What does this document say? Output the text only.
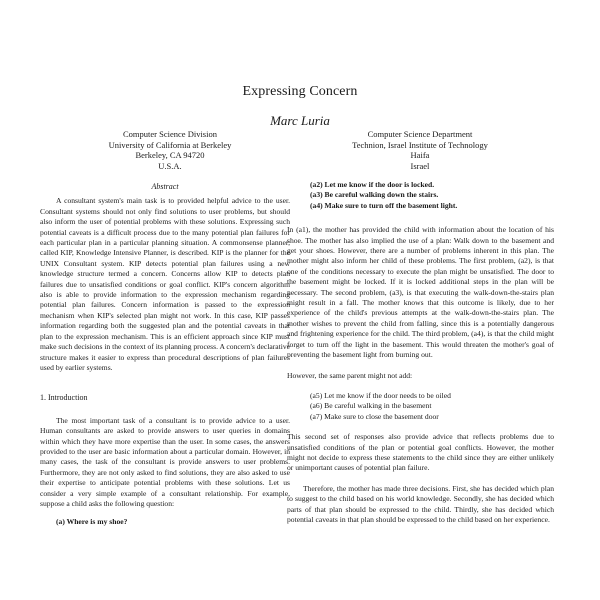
Expressing Concern
Marc Luria
Computer Science Division
University of California at Berkeley
Berkeley, CA 94720
U.S.A.
Computer Science Department
Technion, Israel Institute of Technology
Haifa
Israel
Abstract

A consultant system's main task is to provided helpful advice to the user. Consultant systems should not only find solutions to user problems, but should also inform the user of potential problems with these solutions. Expressing such potential caveats is a difficult process due to the many potential plan failures for each particular plan in a particular planning situation. A commonsense planner, called KIP, Knowledge Intensive Planner, is described. KIP is the planner for the UNIX Consultant system. KIP detects potential plan failures using a new knowledge structure termed a concern. Concerns allow KIP to detects plan failures due to unsatisfied conditions or goal conflict. KIP's concern algorithm also is able to provide information to the expression mechanism regarding potential plan failures. Concern information is passed to the expression mechanism when KIP's selected plan might not work. In this case, KIP passes information regarding both the suggested plan and the potential caveats in that plan to the expression mechanism. This is an efficient approach since KIP must make such decisions in the context of its planning process. A concern's declarative structure makes it easier to express than procedural descriptions of plan failures used by earlier systems.

1. Introduction

The most important task of a consultant is to provide advice to a user. Human consultants are asked to provide answers to user queries in domains within which they have more expertise than the user. In some cases, the answers provided to the user are basic information about a particular domain. However, in many cases, the task of the consultant is provide answers to user problems. Furthermore, they are not only asked to find solutions, they are also asked to use their expertise to anticipate potential problems with these solutions. Let us consider a very simple example of a consultant relationship. For example, suppose a child asks the following question:

(a) Where is my shoe?
(a2) Let me know if the door is locked.
(a3) Be careful walking down the stairs.
(a4) Make sure to turn off the basement light.

In (a1), the mother has provided the child with information about the location of his shoe. The mother has also implied the use of a plan: Walk down to the basement and get your shoes. However, there are a number of problems inherent in this plan. The mother might also inform her child of these problems. The first problem, (a2), is that one of the conditions necessary to execute the plan might be unsatisfied. The door to the basement might be locked. If it is locked additional steps in the plan will be necessary. The second problem, (a3), is that executing the walk-down-the-stairs plan might result in a fall. The mother knows that this outcome is likely, due to her experience of the child's previous attempts at the walk-down-the-stairs plan. The mother wishes to prevent the child from falling, since this is a potentially dangerous and frightening experience for the child. The third problem, (a4), is that the child might forget to turn off the light in the basement. This would threaten the mother's goal of preventing the basement light from burning out.

However, the same parent might not add:

(a5) Let me know if the door needs to be oiled
(a6) Be careful walking in the basement
(a7) Make sure to close the basement door

This second set of responses also provide advice that reflects problems due to unsatisfied conditions of the plan or potential goal conflicts. However, the mother might not decide to express these statements to the child since they are either unlikely or unimportant causes of potential plan failure.

Therefore, the mother has made three decisions. First, she has decided which plan to suggest to the child based on his world knowledge. Secondly, she has decided which parts of that plan should be expressed to the child. Thirdly, she has decided which potential caveats in that plan should be expressed to the child based on her experience.
